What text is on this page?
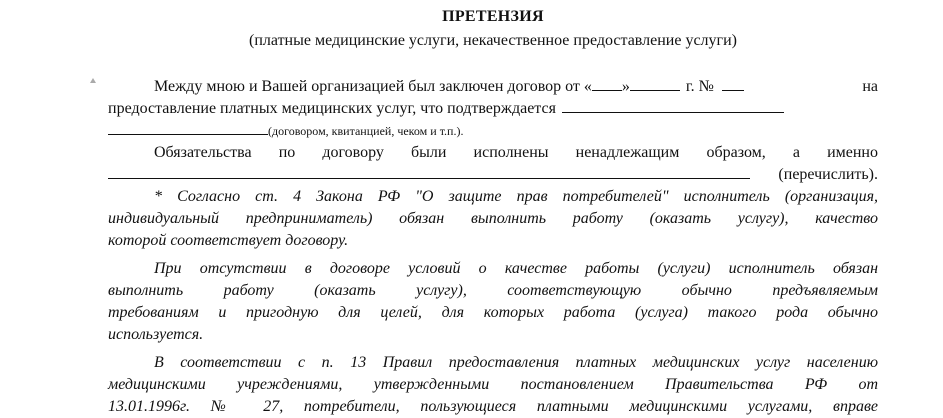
ПРЕТЕНЗИЯ
(платные медицинские услуги, некачественное предоставление услуги)
Между мною и Вашей организацией был заключен договор от « »	г. №	на
предоставление платных медицинских услуг, что подтверждается
(договором, квитанцией, чеком и т.п.).
Обязательства по договору были исполнены ненадлежащим образом, а именно
(перечислить).
* Согласно ст. 4 Закона РФ "О защите прав потребителей" исполнитель (организация,
индивидуальный предприниматель) обязан выполнить работу (оказать услугу), качество
которой соответствует договору.
При отсутствии в договоре условий о качестве работы (услуги) исполнитель обязан
выполнить работу (оказать услугу), соответствующую обычно предъявляемым
требованиям и пригодную для целей, для которых работа (услуга) такого рода обычно
используется.
В соответствии с п. 13 Правил предоставления платных медицинских услуг населению
медицинскими учреждениями, утвержденными постановлением Правительства РФ от
13.01.1996г. № 27, потребители, пользующиеся платными медицинскими услугами, вправе
